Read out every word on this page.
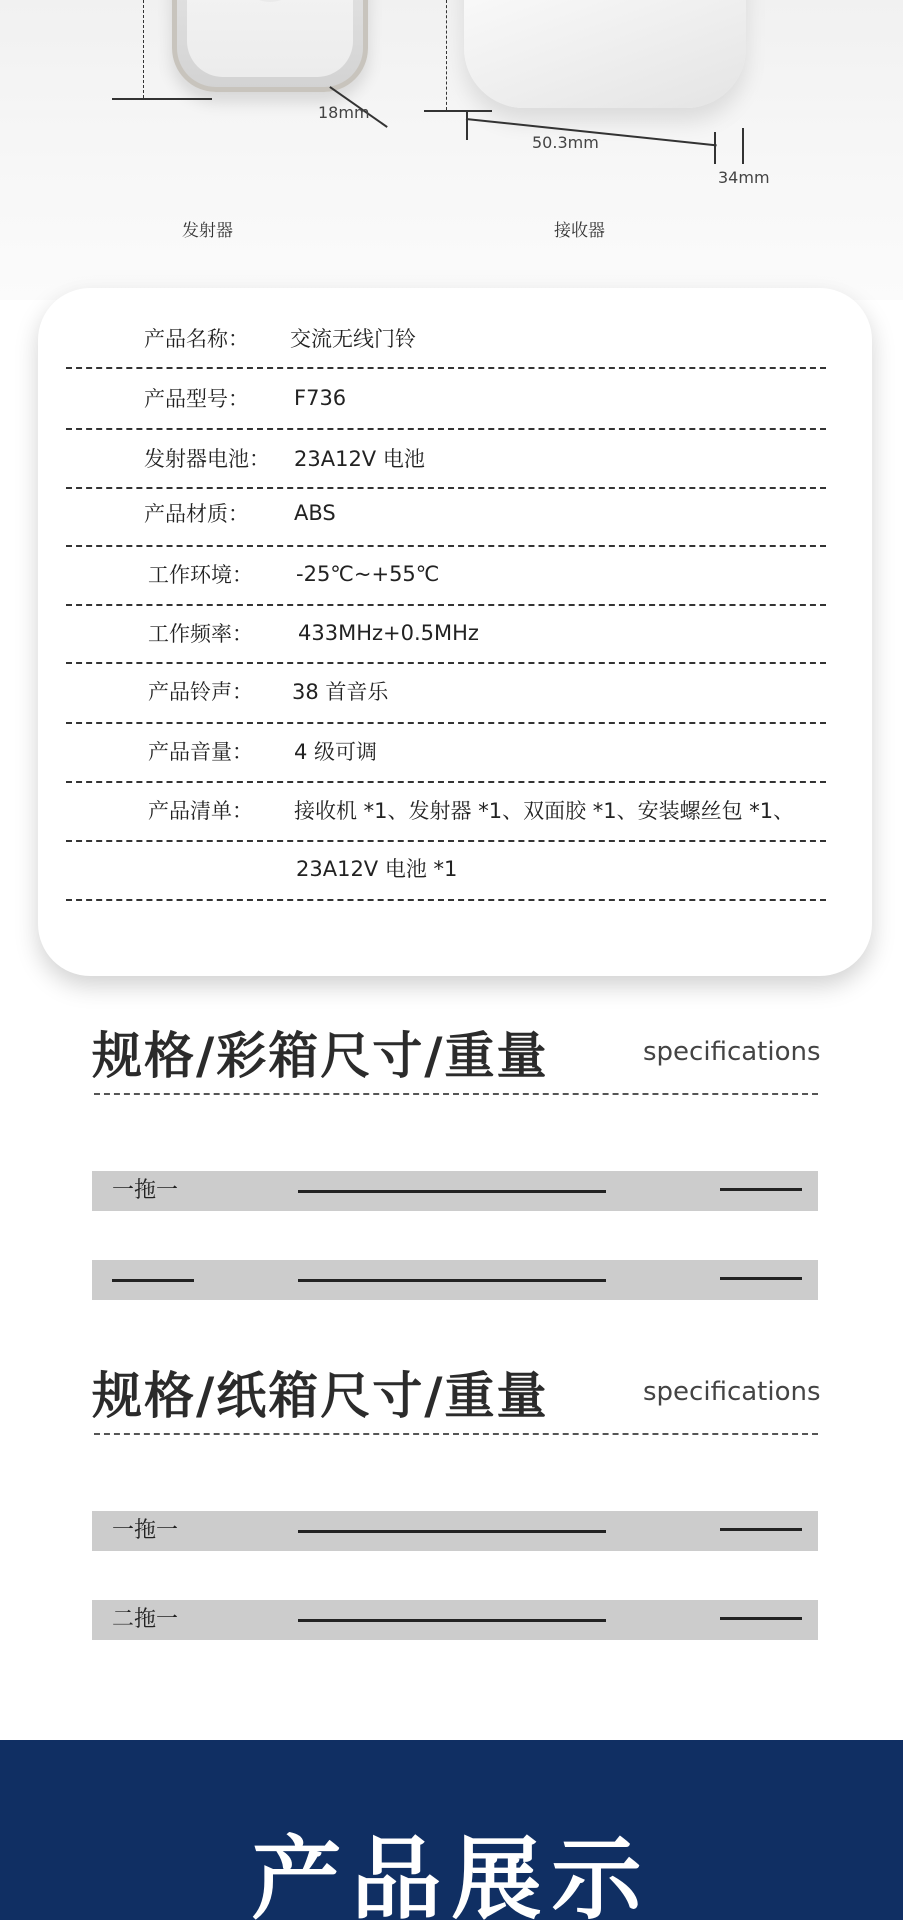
18mm
50.3mm
34mm
发射器	接收器
产品名称： 交流无线门铃
产品型号： F736
发射器电池： 23A12V 电池
产品材质： ABS
工作环境： -25℃~+55℃
工作频率： 433MHz+0.5MHz
产品铃声： 38 首音乐
产品音量： 4 级可调
产品清单： 接收机 *1、发射器 *1、双面胶 *1、安装螺丝包 *1、
23A12V 电池 *1
规格/彩箱尺寸/重量	specifications
一拖一
规格/纸箱尺寸/重量	specifications
一拖一
二拖一
产品展示
